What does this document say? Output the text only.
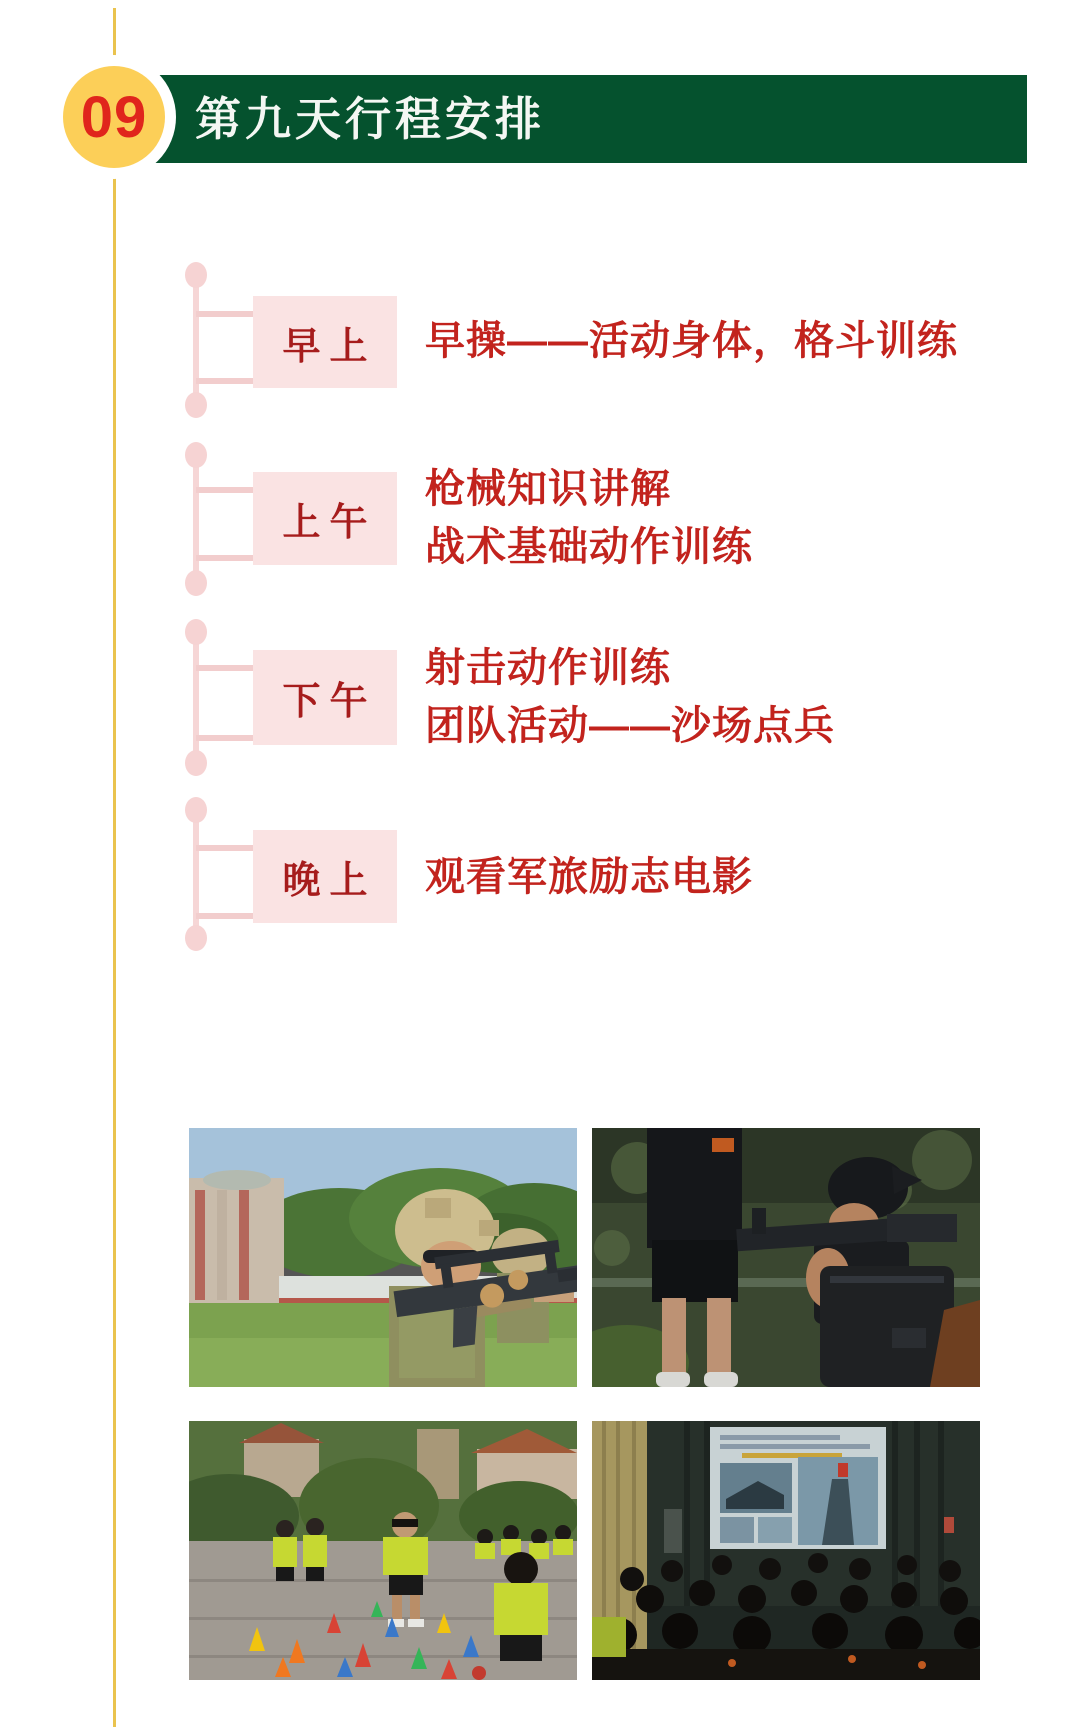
第九天行程安排
09
早上 早操——活动身体，格斗训练
上午
枪械知识讲解
战术基础动作训练
下午
射击动作训练
团队活动——沙场点兵
晚上 观看军旅励志电影
